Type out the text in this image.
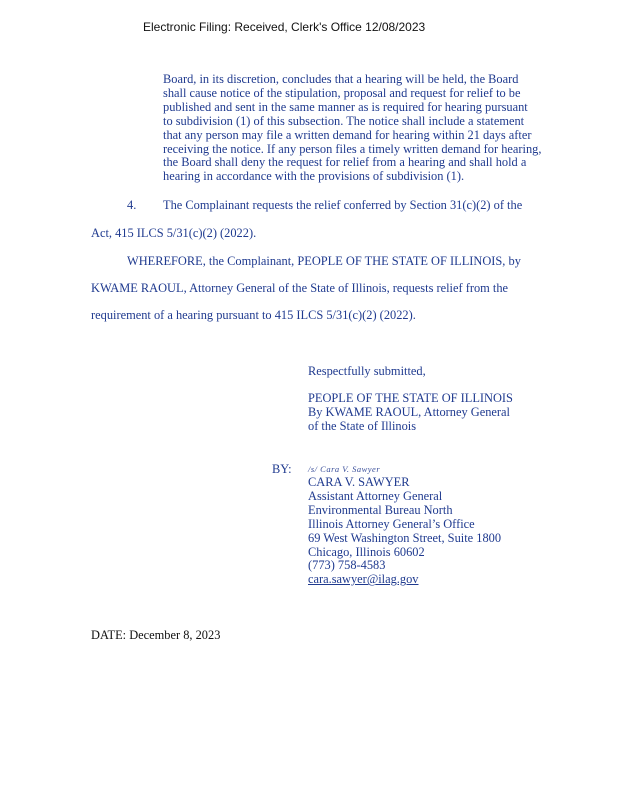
Electronic Filing: Received, Clerk's Office 12/08/2023
Board, in its discretion, concludes that a hearing will be held, the Board
shall cause notice of the stipulation, proposal and request for relief to be
published and sent in the same manner as is required for hearing pursuant
to subdivision (1) of this subsection. The notice shall include a statement
that any person may file a written demand for hearing within 21 days after
receiving the notice. If any person files a timely written demand for hearing,
the Board shall deny the request for relief from a hearing and shall hold a
hearing in accordance with the provisions of subdivision (1).
4. The Complainant requests the relief conferred by Section 31(c)(2) of the
Act, 415 ILCS 5/31(c)(2) (2022).
WHEREFORE, the Complainant, PEOPLE OF THE STATE OF ILLINOIS, by
KWAME RAOUL, Attorney General of the State of Illinois, requests relief from the
requirement of a hearing pursuant to 415 ILCS 5/31(c)(2) (2022).
Respectfully submitted,
PEOPLE OF THE STATE OF ILLINOIS
By KWAME RAOUL, Attorney General
of the State of Illinois
BY: /s/ Cara V. Sawyer
CARA V. SAWYER
Assistant Attorney General
Environmental Bureau North
Illinois Attorney General’s Office
69 West Washington Street, Suite 1800
Chicago, Illinois 60602
(773) 758-4583
cara.sawyer@ilag.gov
DATE: December 8, 2023
